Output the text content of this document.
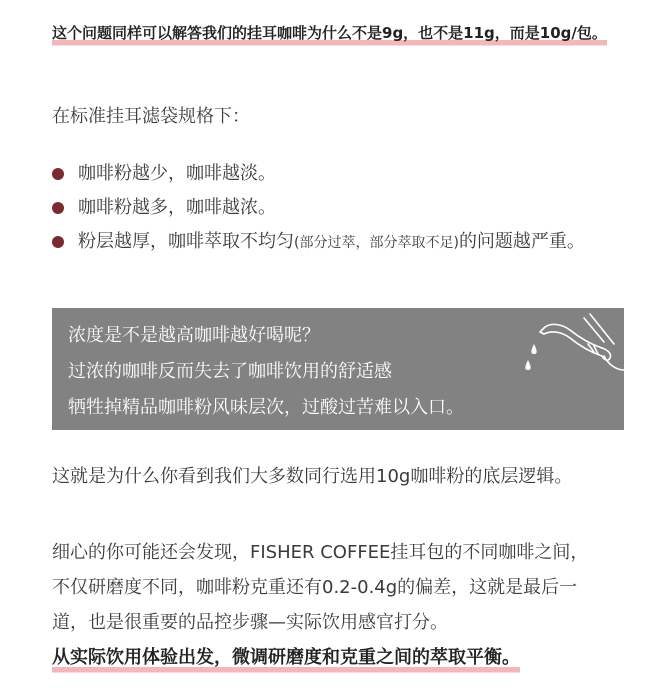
这个问题同样可以解答我们的挂耳咖啡为什么不是9g，也不是11g，而是10g/包。
在标准挂耳滤袋规格下：
咖啡粉越少，咖啡越淡。
咖啡粉越多，咖啡越浓。
粉层越厚，咖啡萃取不均匀(部分过萃，部分萃取不足)的问题越严重。
浓度是不是越高咖啡越好喝呢？
过浓的咖啡反而失去了咖啡饮用的舒适感
牺牲掉精品咖啡粉风味层次，过酸过苦难以入口。
这就是为什么你看到我们大多数同行选用10g咖啡粉的底层逻辑。
细心的你可能还会发现，FISHER COFFEE挂耳包的不同咖啡之间，
不仅研磨度不同，咖啡粉克重还有0.2-0.4g的偏差，这就是最后一
道，也是很重要的品控步骤—实际饮用感官打分。
从实际饮用体验出发，微调研磨度和克重之间的萃取平衡。
